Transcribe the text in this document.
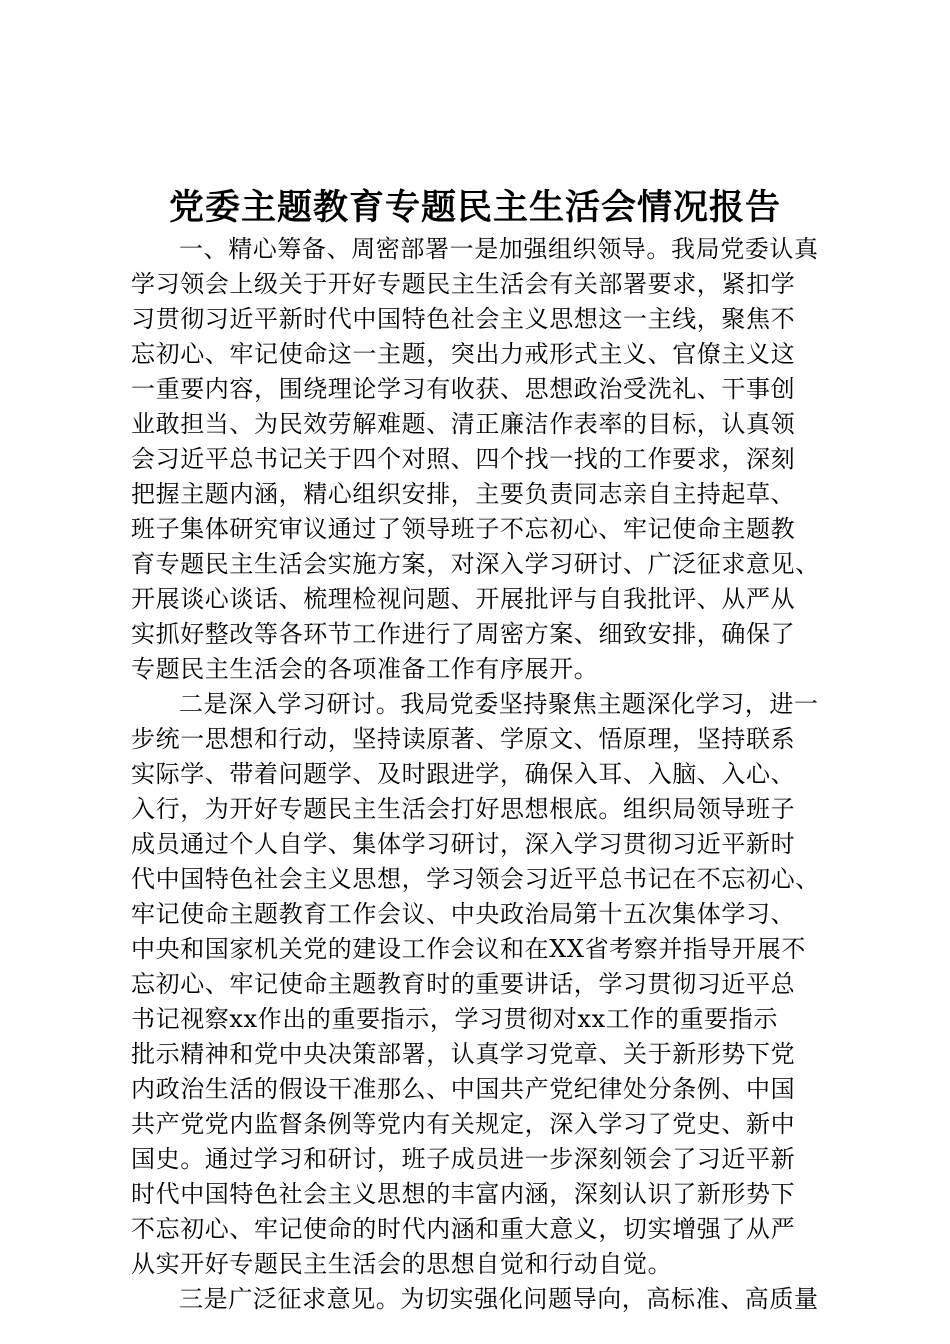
党委主题教育专题民主生活会情况报告
一、精心筹备、周密部署一是加强组织领导。我局党委认真
学习领会上级关于开好专题民主生活会有关部署要求，紧扣学
习贯彻习近平新时代中国特色社会主义思想这一主线，聚焦不
忘初心、牢记使命这一主题，突出力戒形式主义、官僚主义这
一重要内容，围绕理论学习有收获、思想政治受洗礼、干事创
业敢担当、为民效劳解难题、清正廉洁作表率的目标，认真领
会习近平总书记关于四个对照、四个找一找的工作要求，深刻
把握主题内涵，精心组织安排，主要负责同志亲自主持起草、
班子集体研究审议通过了领导班子不忘初心、牢记使命主题教
育专题民主生活会实施方案，对深入学习研讨、广泛征求意见、
开展谈心谈话、梳理检视问题、开展批评与自我批评、从严从
实抓好整改等各环节工作进行了周密方案、细致安排，确保了
专题民主生活会的各项准备工作有序展开。
二是深入学习研讨。我局党委坚持聚焦主题深化学习，进一
步统一思想和行动，坚持读原著、学原文、悟原理，坚持联系
实际学、带着问题学、及时跟进学，确保入耳、入脑、入心、
入行，为开好专题民主生活会打好思想根底。组织局领导班子
成员通过个人自学、集体学习研讨，深入学习贯彻习近平新时
代中国特色社会主义思想，学习领会习近平总书记在不忘初心、
牢记使命主题教育工作会议、中央政治局第十五次集体学习、
中央和国家机关党的建设工作会议和在XX省考察并指导开展不
忘初心、牢记使命主题教育时的重要讲话，学习贯彻习近平总
书记视察xx作出的重要指示，学习贯彻对xx工作的重要指示
批示精神和党中央决策部署，认真学习党章、关于新形势下党
内政治生活的假设干准那么、中国共产党纪律处分条例、中国
共产党党内监督条例等党内有关规定，深入学习了党史、新中
国史。通过学习和研讨，班子成员进一步深刻领会了习近平新
时代中国特色社会主义思想的丰富内涵，深刻认识了新形势下
不忘初心、牢记使命的时代内涵和重大意义，切实增强了从严
从实开好专题民主生活会的思想自觉和行动自觉。
三是广泛征求意见。为切实强化问题导向，高标准、高质量
